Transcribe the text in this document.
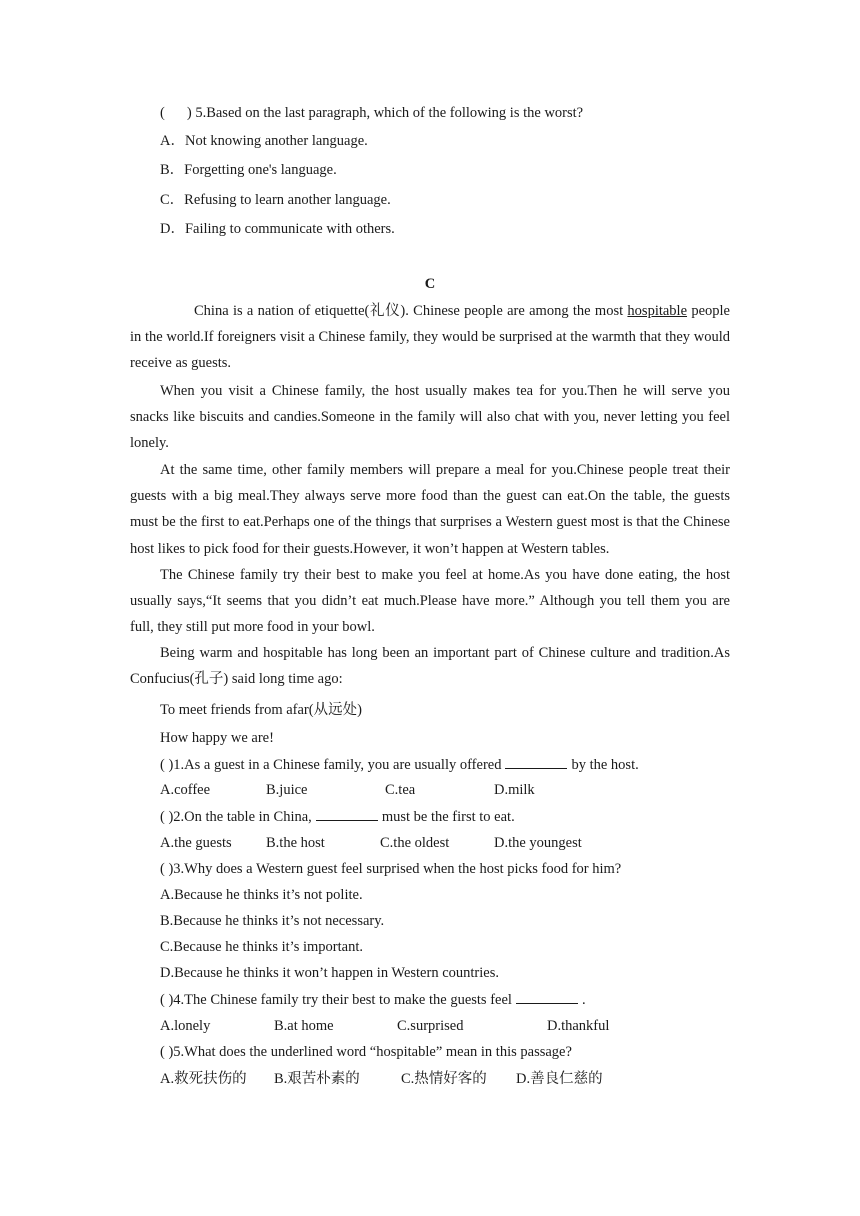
( ) 5.Based on the last paragraph, which of the following is the worst?
A．Not knowing another language.
B．Forgetting one's language.
C．Refusing to learn another language.
D．Failing to communicate with others.
C

China is a nation of etiquette(礼仪). Chinese people are among the most hospitable people in the world.If foreigners visit a Chinese family, they would be surprised at the warmth that they would receive as guests.

When you visit a Chinese family, the host usually makes tea for you.Then he will serve you snacks like biscuits and candies.Someone in the family will also chat with you, never letting you feel lonely.

At the same time, other family members will prepare a meal for you.Chinese people treat their guests with a big meal.They always serve more food than the guest can eat.On the table, the guests must be the first to eat.Perhaps one of the things that surprises a Western guest most is that the Chinese host likes to pick food for their guests.However, it won’t happen at Western tables.

The Chinese family try their best to make you feel at home.As you have done eating, the host usually says,“It seems that you didn’t eat much.Please have more.” Although you tell them you are full, they still put more food in your bowl.

Being warm and hospitable has long been an important part of Chinese culture and tradition.As Confucius(孔子) said long time ago:

To meet friends from afar(从远处)
How happy we are!
( )1.As a guest in a Chinese family, you are usually offered	by the host.
A.coffee	B.juice	C.tea	D.milk
( )2.On the table in China,	must be the first to eat.
A.the guests B.the host	C.the oldest	D.the youngest
( )3.Why does a Western guest feel surprised when the host picks food for him?
A.Because he thinks it’s not polite.
B.Because he thinks it’s not necessary.
C.Because he thinks it’s important.
D.Because he thinks it won’t happen in Western countries.
( )4.The Chinese family try their best to make the guests feel	.
A.lonely	B.at home	C.surprised	D.thankful
( )5.What does the underlined word “hospitable” mean in this passage?
A.救死扶伤的 B.艰苦朴素的	C.热情好客的 D.善良仁慈的
